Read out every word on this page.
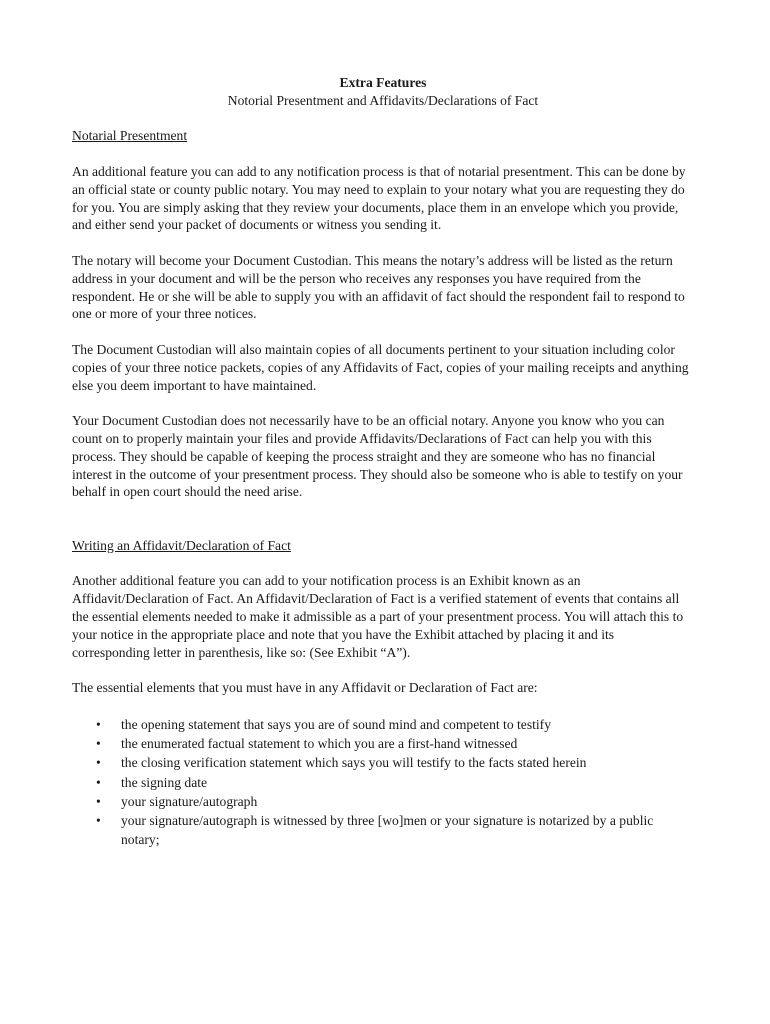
Extra Features
Notorial Presentment and Affidavits/Declarations of Fact
Notarial Presentment

An additional feature you can add to any notification process is that of notarial presentment. This can be done by an official state or county public notary. You may need to explain to your notary what you are requesting they do for you. You are simply asking that they review your documents, place them in an envelope which you provide, and either send your packet of documents or witness you sending it.

The notary will become your Document Custodian. This means the notary’s address will be listed as the return address in your document and will be the person who receives any responses you have required from the respondent. He or she will be able to supply you with an affidavit of fact should the respondent fail to respond to one or more of your three notices.

The Document Custodian will also maintain copies of all documents pertinent to your situation including color copies of your three notice packets, copies of any Affidavits of Fact, copies of your mailing receipts and anything else you deem important to have maintained.

Your Document Custodian does not necessarily have to be an official notary. Anyone you know who you can count on to properly maintain your files and provide Affidavits/Declarations of Fact can help you with this process. They should be capable of keeping the process straight and they are someone who has no financial interest in the outcome of your presentment process. They should also be someone who is able to testify on your behalf in open court should the need arise.

Writing an Affidavit/Declaration of Fact

Another additional feature you can add to your notification process is an Exhibit known as an Affidavit/Declaration of Fact. An Affidavit/Declaration of Fact is a verified statement of events that contains all the essential elements needed to make it admissible as a part of your presentment process. You will attach this to your notice in the appropriate place and note that you have the Exhibit attached by placing it and its corresponding letter in parenthesis, like so: (See Exhibit “A”).

The essential elements that you must have in any Affidavit or Declaration of Fact are:

• the opening statement that says you are of sound mind and competent to testify
• the enumerated factual statement to which you are a first-hand witnessed
• the closing verification statement which says you will testify to the facts stated herein
• the signing date
• your signature/autograph
• your signature/autograph is witnessed by three [wo]men or your signature is notarized by a public notary;
